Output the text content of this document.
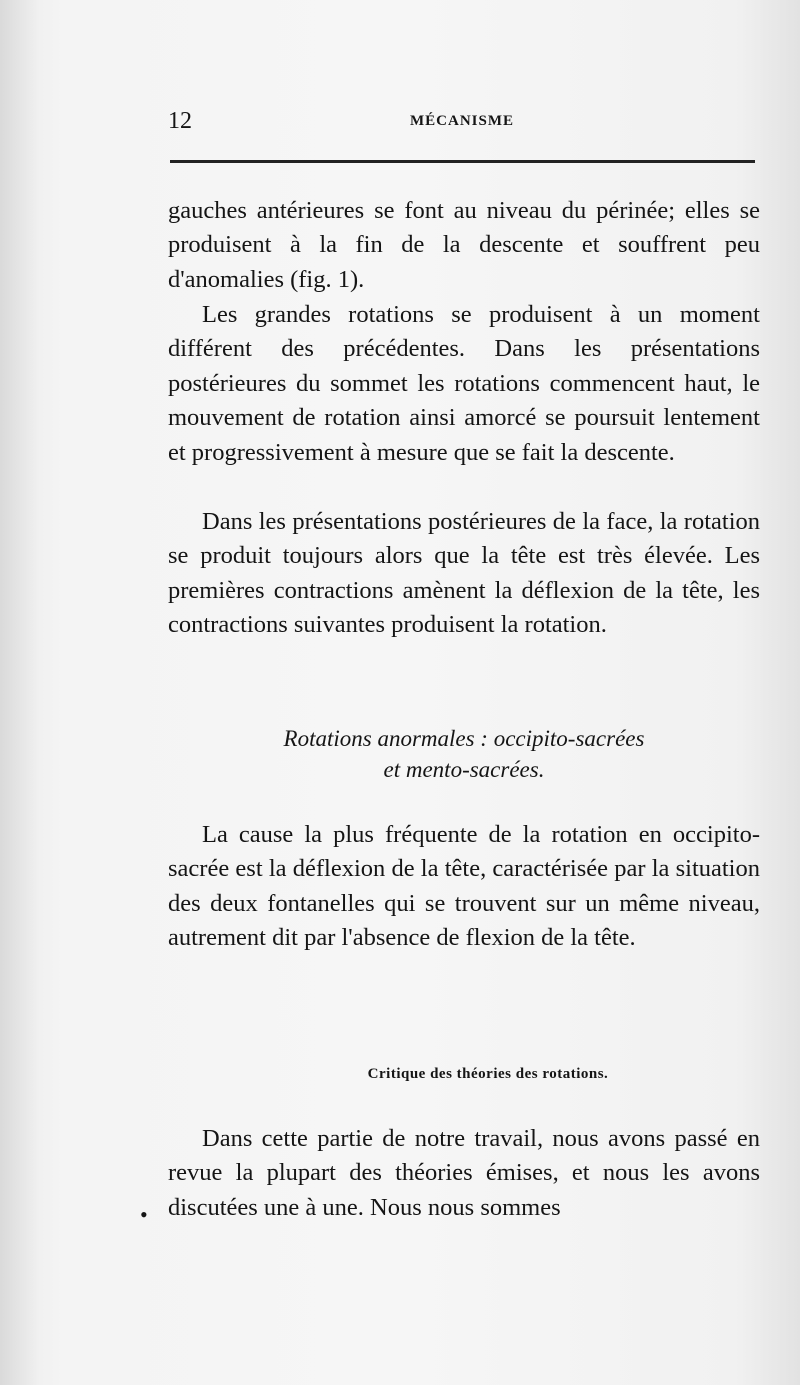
12	MÉCANISME

gauches antérieures se font au niveau du périnée; elles se produisent à la fin de la descente et souffrent peu d'anomalies (fig. 1).

Les grandes rotations se produisent à un moment différent des précédentes. Dans les présentations postérieures du sommet les rotations commencent haut, le mouvement de rotation ainsi amorcé se poursuit lentement et progressivement à mesure que se fait la descente.

Dans les présentations postérieures de la face, la rotation se produit toujours alors que la tête est très élevée. Les premières contractions amènent la déflexion de la tête, les contractions suivantes produisent la rotation.

Rotations anormales : occipito-sacrées
et mento-sacrées.

La cause la plus fréquente de la rotation en occipito-sacrée est la déflexion de la tête, caractérisée par la situation des deux fontanelles qui se trouvent sur un même niveau, autrement dit par l'absence de flexion de la tête.

Critique des théories des rotations.

Dans cette partie de notre travail, nous avons passé en revue la plupart des théories émises, et nous les avons discutées une à une. Nous nous sommes

•
